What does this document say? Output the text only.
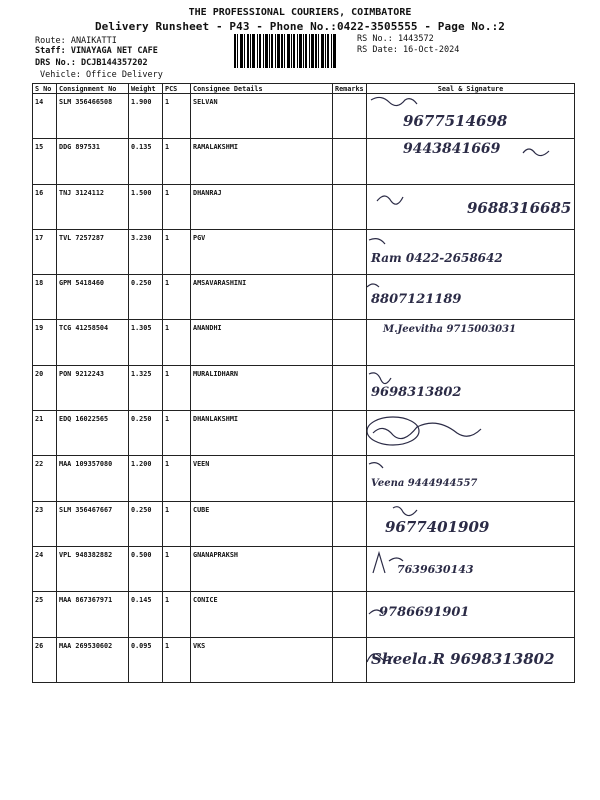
THE PROFESSIONAL COURIERS, COIMBATORE
Delivery Runsheet - P43 - Phone No.:0422-3505555 - Page No.:2
Route: ANAIKATTI
Staff: VINAYAGA NET CAFE
DRS No.: DCJB144357202
Vehicle: Office Delivery
RS No.: 1443572
RS Date: 16-Oct-2024
S No	Consignment No	Weight	PCS	Consignee Details	Remarks	Seal & Signature
14	SLM 356466508	1.900	1	SELVAN		9677514698

15	DDG 897531	0.135	1	RAMALAKSHMI		9443841669

16	TNJ 3124112	1.500	1	DHANRAJ		9688316685

17	TVL 7257287	3.230	1	PGV		Ram 0422-2658642

18	GPM 5418460	0.250	1	AMSAVARASHINI		8807121189

19	TCG 41258504	1.305	1	ANANDHI		M.Jeevitha 9715003031

20	PON 9212243	1.325	1	MURALIDHARN		9698313802

21	EDQ 16022565	0.250	1	DHANLAKSHMI		

22	MAA 109357080	1.200	1	VEEN		Veena 9444944557

23	SLM 356467667	0.250	1	CUBE		9677401909

24	VPL 948382882	0.500	1	GNANAPRAKSH		7639630143

25	MAA 867367971	0.145	1	CONICE		9786691901

26	MAA 269530602	0.095	1	VKS		Sheela.R 9698313802
